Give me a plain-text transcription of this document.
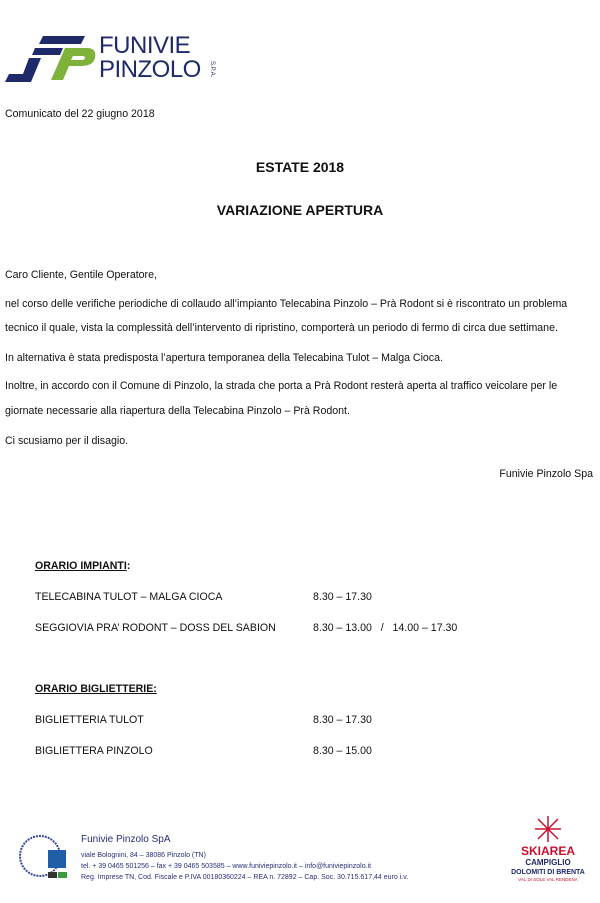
FUNIVIE
PINZOLO S.P.A.
Comunicato del 22 giugno 2018
ESTATE 2018
VARIAZIONE APERTURA
Caro Cliente, Gentile Operatore,
nel corso delle verifiche periodiche di collaudo all’impianto Telecabina Pinzolo – Prà Rodont si è riscontrato un problema
tecnico il quale, vista la complessità dell’intervento di ripristino, comporterà un periodo di fermo di circa due settimane.
In alternativa è stata predisposta l’apertura temporanea della Telecabina Tulot – Malga Cioca.
Inoltre, in accordo con il Comune di Pinzolo, la strada che porta a Prà Rodont resterà aperta al traffico veicolare per le
giornate necessarie alla riapertura della Telecabina Pinzolo – Prà Rodont.
Ci scusiamo per il disagio.
Funivie Pinzolo Spa
ORARIO IMPIANTI:
TELECABINA TULOT – MALGA CIOCA	8.30 – 17.30
SEGGIOVIA PRA’ RODONT – DOSS DEL SABION	8.30 – 13.00   /   14.00 – 17.30
ORARIO BIGLIETTERIE:
BIGLIETTERIA TULOT	8.30 – 17.30
BIGLIETTERA PINZOLO	8.30 – 15.00
Funivie Pinzolo SpA
viale Bolognini, 84 – 38086 Pinzolo (TN)
tel. + 39 0465 501256 – fax + 39 0465 503585 – www.funiviepinzolo.it – info@funiviepinzolo.it
Reg. Imprese TN, Cod. Fiscale e P.IVA 00180360224 – REA n. 72892 – Cap. Soc. 30.715.617,44 euro i.v.
SKIAREA
CAMPIGLIO
DOLOMITI DI BRENTA
VAL DI SOLE VAL RENDENA
